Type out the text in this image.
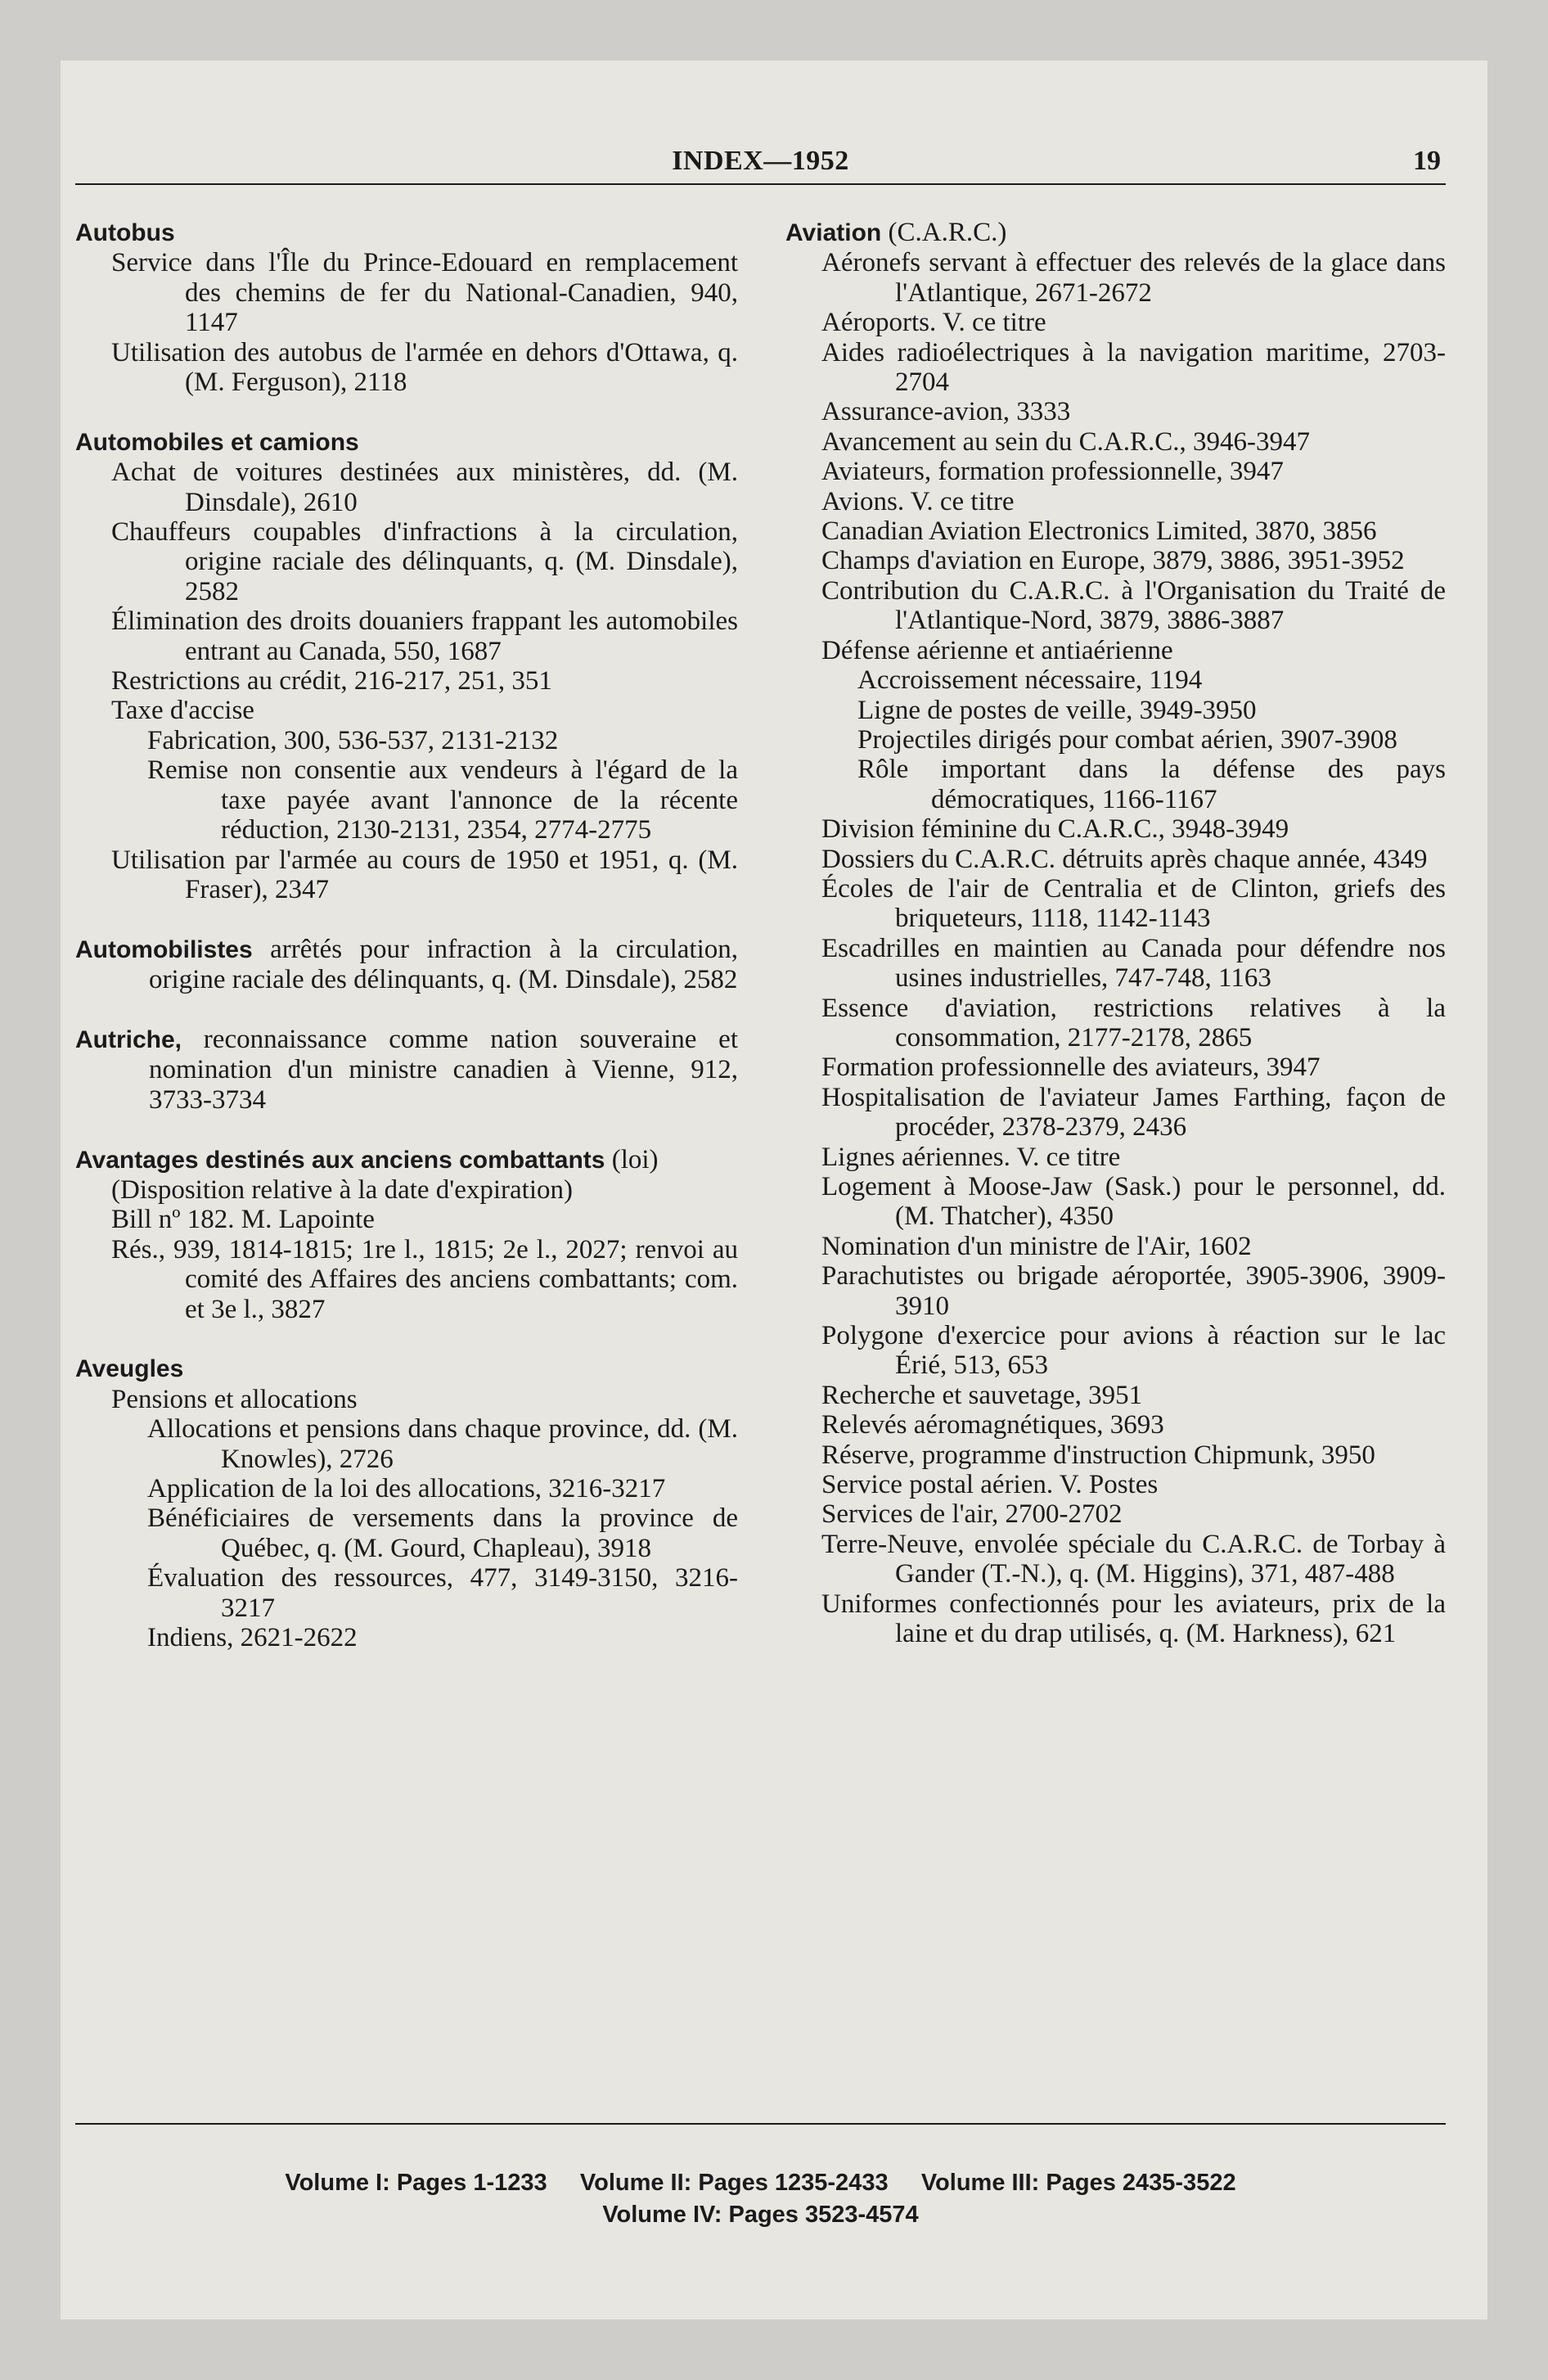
INDEX—1952	19
Autobus
Service dans l'Île du Prince-Edouard en remplacement des chemins de fer du National-Canadien, 940, 1147
Utilisation des autobus de l'armée en dehors d'Ottawa, q. (M. Ferguson), 2118
Automobiles et camions
Achat de voitures destinées aux ministères, dd. (M. Dinsdale), 2610
Chauffeurs coupables d'infractions à la circulation, origine raciale des délinquants, q. (M. Dinsdale), 2582
Élimination des droits douaniers frappant les automobiles entrant au Canada, 550, 1687
Restrictions au crédit, 216-217, 251, 351
Taxe d'accise
Fabrication, 300, 536-537, 2131-2132
Remise non consentie aux vendeurs à l'égard de la taxe payée avant l'annonce de la récente réduction, 2130-2131, 2354, 2774-2775
Utilisation par l'armée au cours de 1950 et 1951, q. (M. Fraser), 2347
Automobilistes arrêtés pour infraction à la circulation, origine raciale des délinquants, q. (M. Dinsdale), 2582
Autriche, reconnaissance comme nation souveraine et nomination d'un ministre canadien à Vienne, 912, 3733-3734
Avantages destinés aux anciens combattants (loi)
(Disposition relative à la date d'expiration)
Bill nº 182. M. Lapointe
Rés., 939, 1814-1815; 1re l., 1815; 2e l., 2027; renvoi au comité des Affaires des anciens combattants; com. et 3e l., 3827
Aveugles
Pensions et allocations
Allocations et pensions dans chaque province, dd. (M. Knowles), 2726
Application de la loi des allocations, 3216-3217
Bénéficiaires de versements dans la province de Québec, q. (M. Gourd, Chapleau), 3918
Évaluation des ressources, 477, 3149-3150, 3216-3217
Indiens, 2621-2622
Aviation (C.A.R.C.)
Aéronefs servant à effectuer des relevés de la glace dans l'Atlantique, 2671-2672
Aéroports. V. ce titre
Aides radioélectriques à la navigation maritime, 2703-2704
Assurance-avion, 3333
Avancement au sein du C.A.R.C., 3946-3947
Aviateurs, formation professionnelle, 3947
Avions. V. ce titre
Canadian Aviation Electronics Limited, 3870, 3856
Champs d'aviation en Europe, 3879, 3886, 3951-3952
Contribution du C.A.R.C. à l'Organisation du Traité de l'Atlantique-Nord, 3879, 3886-3887
Défense aérienne et antiaérienne
Accroissement nécessaire, 1194
Ligne de postes de veille, 3949-3950
Projectiles dirigés pour combat aérien, 3907-3908
Rôle important dans la défense des pays démocratiques, 1166-1167
Division féminine du C.A.R.C., 3948-3949
Dossiers du C.A.R.C. détruits après chaque année, 4349
Écoles de l'air de Centralia et de Clinton, griefs des briqueteurs, 1118, 1142-1143
Escadrilles en maintien au Canada pour défendre nos usines industrielles, 747-748, 1163
Essence d'aviation, restrictions relatives à la consommation, 2177-2178, 2865
Formation professionnelle des aviateurs, 3947
Hospitalisation de l'aviateur James Farthing, façon de procéder, 2378-2379, 2436
Lignes aériennes. V. ce titre
Logement à Moose-Jaw (Sask.) pour le personnel, dd. (M. Thatcher), 4350
Nomination d'un ministre de l'Air, 1602
Parachutistes ou brigade aéroportée, 3905-3906, 3909-3910
Polygone d'exercice pour avions à réaction sur le lac Érié, 513, 653
Recherche et sauvetage, 3951
Relevés aéromagnétiques, 3693
Réserve, programme d'instruction Chipmunk, 3950
Service postal aérien. V. Postes
Services de l'air, 2700-2702
Terre-Neuve, envolée spéciale du C.A.R.C. de Torbay à Gander (T.-N.), q. (M. Higgins), 371, 487-488
Uniformes confectionnés pour les aviateurs, prix de la laine et du drap utilisés, q. (M. Harkness), 621
Volume I: Pages 1-1233     Volume II: Pages 1235-2433     Volume III: Pages 2435-3522
Volume IV: Pages 3523-4574
